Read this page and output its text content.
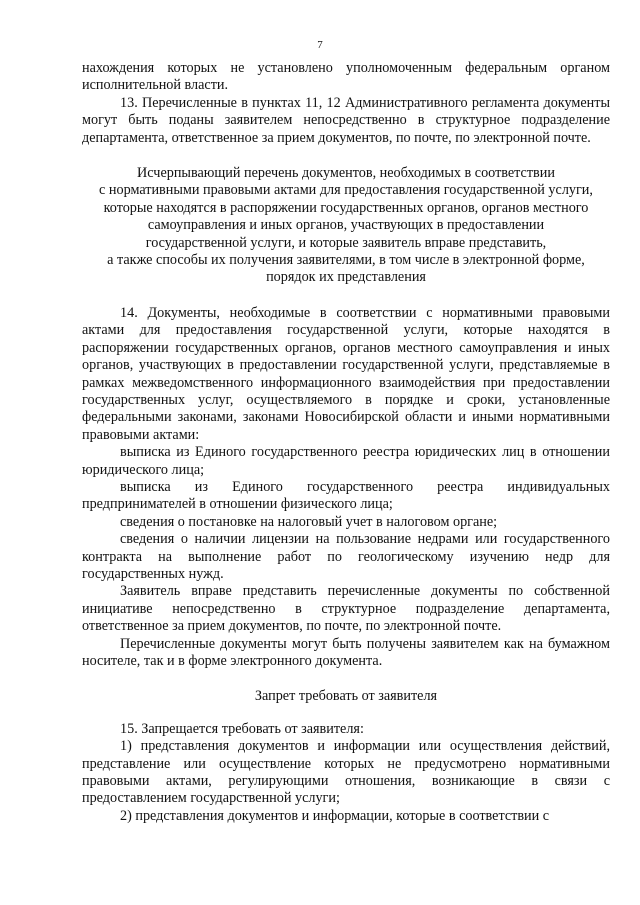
7

нахождения которых не установлено уполномоченным федеральным органом исполнительной власти.

13. Перечисленные в пунктах 11, 12 Административного регламента документы могут быть поданы заявителем непосредственно в структурное подразделение департамента, ответственное за прием документов, по почте, по электронной почте.

Исчерпывающий перечень документов, необходимых в соответствии
с нормативными правовыми актами для предоставления государственной услуги,
которые находятся в распоряжении государственных органов, органов местного
самоуправления и иных органов, участвующих в предоставлении
государственной услуги, и которые заявитель вправе представить,
а также способы их получения заявителями, в том числе в электронной форме,
порядок их представления

14. Документы, необходимые в соответствии с нормативными правовыми актами для предоставления государственной услуги, которые находятся в распоряжении государственных органов, органов местного самоуправления и иных органов, участвующих в предоставлении государственной услуги, представляемые в рамках межведомственного информационного взаимодействия при предоставлении государственных услуг, осуществляемого в порядке и сроки, установленные федеральными законами, законами Новосибирской области и иными нормативными правовыми актами:

выписка из Единого государственного реестра юридических лиц в отношении юридического лица;

выписка из Единого государственного реестра индивидуальных предпринимателей в отношении физического лица;

сведения о постановке на налоговый учет в налоговом органе;

сведения о наличии лицензии на пользование недрами или государственного контракта на выполнение работ по геологическому изучению недр для государственных нужд.

Заявитель вправе представить перечисленные документы по собственной инициативе непосредственно в структурное подразделение департамента, ответственное за прием документов, по почте, по электронной почте.

Перечисленные документы могут быть получены заявителем как на бумажном носителе, так и в форме электронного документа.

Запрет требовать от заявителя

15. Запрещается требовать от заявителя:

1) представления документов и информации или осуществления действий, представление или осуществление которых не предусмотрено нормативными правовыми актами, регулирующими отношения, возникающие в связи с предоставлением государственной услуги;

2) представления документов и информации, которые в соответствии с
